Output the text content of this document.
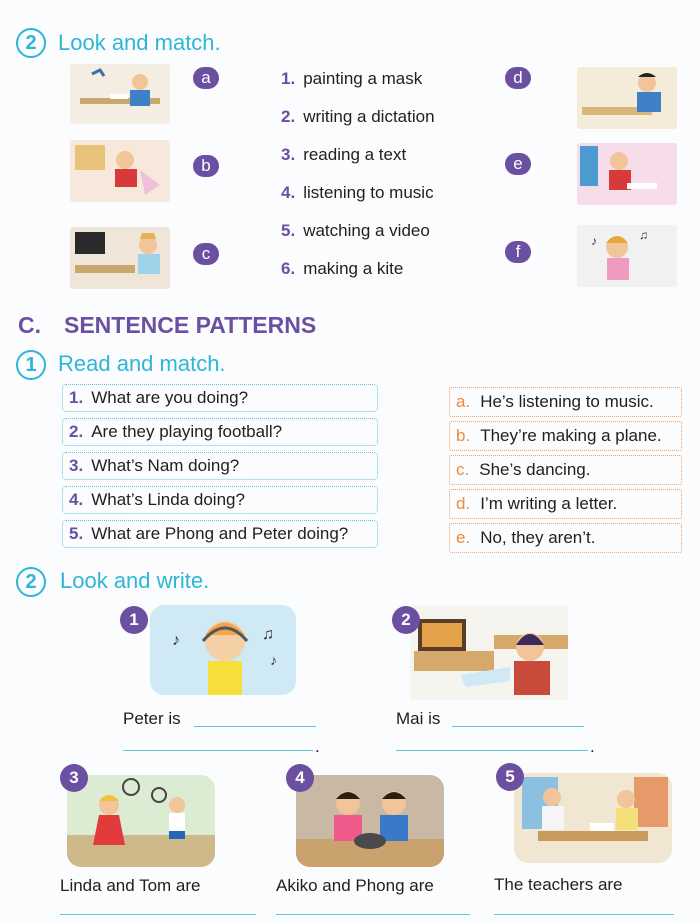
2 Look and match.
a
b
c
1. painting a mask
2. writing a dictation
3. reading a text
4. listening to music
5. watching a video
6. making a kite
d
e
f
♪	♫
C. SENTENCE PATTERNS
1 Read and match.
1. What are you doing?
2. Are they playing football?
3. What’s Nam doing?
4. What’s Linda doing?
5. What are Phong and Peter doing?
a. He’s listening to music.
b. They’re making a plane.
c. She’s dancing.
d. I’m writing a letter.
e. No, they aren’t.
2	Look and write.
♪	♫
♪
1	2
Peter is
.
Mai is
.
3	4	5
Linda and Tom are	Akiko and Phong are	The teachers are
